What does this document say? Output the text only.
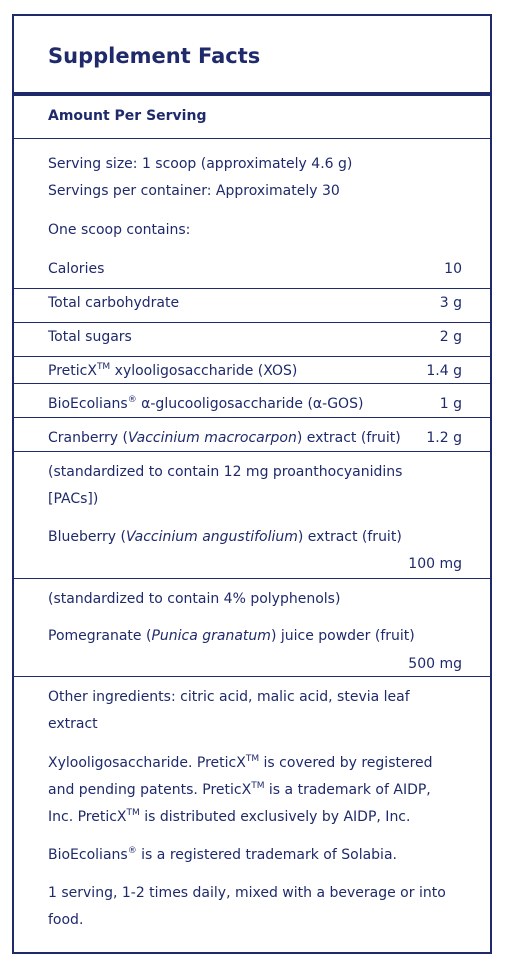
Supplement Facts
Amount Per Serving
Serving size: 1 scoop (approximately 4.6 g)
Servings per container: Approximately 30
One scoop contains:
Calories	10
Total carbohydrate	3 g
Total sugars	2 g
PreticX™ xylooligosaccharide (XOS)	1.4 g
BioEcolians® α-glucooligosaccharide (α-GOS)	1 g
Cranberry (Vaccinium macrocarpon) extract (fruit) 1.2 g
(standardized to contain 12 mg proanthocyanidins
[PACs])
Blueberry (Vaccinium angustifolium) extract (fruit)
100 mg
(standardized to contain 4% polyphenols)
Pomegranate (Punica granatum) juice powder (fruit)
500 mg
Other ingredients: citric acid, malic acid, stevia leaf
extract
Xylooligosaccharide. PreticX™ is covered by registered
and pending patents. PreticX™ is a trademark of AIDP,
Inc. PreticX™ is distributed exclusively by AIDP, Inc.
BioEcolians® is a registered trademark of Solabia.
1 serving, 1-2 times daily, mixed with a beverage or into
food.
